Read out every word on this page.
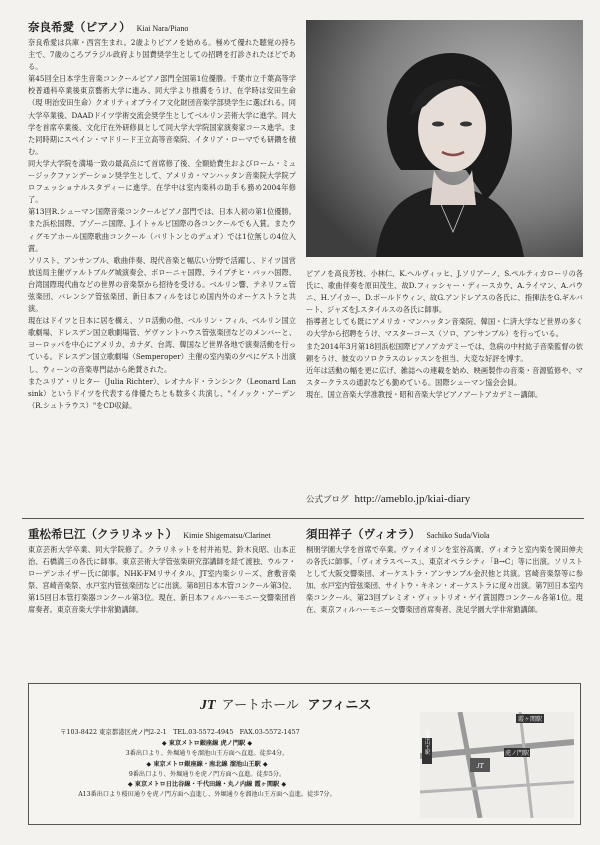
奈良希愛（ピアノ） Kiai Nara/Piano

奈良希愛は兵庫・西宮生まれ。2歳よりピアノを始める。極めて優れた聴覚の持ち主で、7歳のころブラジル政府より国費奨学生としての招聘を打診されたほどである。

第45回全日本学生音楽コンクールピアノ部門全国第1位優勝。千葉市立千葉高等学校普通科卒業後東京藝術大学に進み、同大学より推薦をうけ、在学時は安田生命（現 明治安田生命）クオリティオブライフ文化財団音楽学部奨学生に選ばれる。同大学卒業後、DAADドイツ学術交流会奨学生としてベルリン芸術大学に進学。同大学を首席卒業後、文化庁在外研修員として同大学大学院国家演奏家コース進学。また同時期にスペイン・マドリード王立高等音楽院、イタリア・ローマでも研鑽を積む。

同大学大学院を満場一致の最高点にて首席修了後、全額給費生およびローム・ミュージックファンデーション奨学生として、アメリカ・マンハッタン音楽院大学院プロフェッショナルスタディーに進学。在学中は室内楽科の助手も務め2004年修了。

第13回R.シューマン国際音楽コンクールピアノ部門では、日本人初の第1位優勝。また浜松国際、ブゾーニ国際、J.イトゥルビ国際の各コンクールでも入賞。またウィグモアホール国際歌曲コンクール（バリトンとのデュオ）では1位無しの4位入賞。

ソリスト、アンサンブル、歌曲伴奏、現代音楽と幅広い分野で活躍し、ドイツ国営放送局主催ヴァルトブルグ城演奏会、ボローニャ国際、ライプチヒ・バッハ国際、台湾国際現代曲などの世界の音楽祭から招待を受ける。ベルリン響、テネリフェ管弦楽団、バレンシア管弦楽団、新日本フィルをはじめ国内外のオーケストラと共演。

現在はドイツと日本に居を構え、ソロ活動の他、ベルリン・フィル、ベルリン国立歌劇場、ドレスデン国立歌劇場管、ゲヴァントハウス管弦楽団などのメンバーと、ヨーロッパを中心にアメリカ、カナダ、台湾、韓国など世界各地で演奏活動を行っている。ドレスデン国立歌劇場（Semperoper）主催の室内楽の夕べにゲスト出演し、ウィーンの音楽専門誌から絶賛された。

またユリア・リヒター（Julia Richter）、レオナルド・ランシンク（Leonard Lansink）というドイツを代表する俳優たちとも数多く共演し、"イノック・アーデン（R.シュトラウス）"をCD収録。

ピアノを高良芳枝、小林仁、K.ヘルヴィッヒ、J.ソリアーノ、S.ペルティカローリの各氏に、歌曲伴奏を原田茂生、故D.フィッシャー・ディースカウ、A.ライマン、A.パウニ、H.ゾイカー、D.ボールドウィン、故G.アンドレアスの各氏に、指揮法をG.ギルバート、ジャズをJ.スタイルスの各氏に師事。

指導者としても既にアメリカ・マンハッタン音楽院、韓国・仁済大学など世界の多くの大学から招聘をうけ、マスターコース（ソロ、アンサンブル）を行っている。

また2014年3月第18回浜松国際ピアノアカデミーでは、急病の中村紘子音楽監督の依頼をうけ、彼女のソロクラスのレッスンを担当、大変な好評を博す。

近年は活動の幅を更に広げ、雑誌への連載を始め、映画製作の音楽・音源監修や、マスタークラスの通訳なども勤めている。国際シューマン協会会員。

現在、国立音楽大学准教授・昭和音楽大学ピアノアートアカデミー講師。

公式ブログ http://ameblo.jp/kiai-diary
重松希巳江（クラリネット） Kimie Shigematsu/Clarinet

東京芸術大学卒業、同大学院修了。クラリネットを村井祐児、鈴木良昭、山本正治、石橋満三の各氏に師事。東京芸術大学管弦楽研究部講師を経て渡独、ウルフ・ローデンホイザー氏に師事。NHK-FMリサイタル、JT室内楽シリーズ、倉敷音楽祭、宮崎音楽祭、水戸室内管弦楽団などに出演。第8回日本木管コンクール第3位、第15回日本管打楽器コンクール第3位。現在、新日本フィルハーモニー交響楽団首席奏者。東京音楽大学非常勤講師。

須田祥子（ヴィオラ） Sachiko Suda/Viola

桐朋学園大学を首席で卒業。ヴァイオリンを室谷高廣、ヴィオラと室内楽を岡田伸夫の各氏に師事。「ヴィオラスペース」、東京オペラシティ「B→C」等に出演。ソリストとして大阪交響楽団、オーケストラ・アンサンブル金沢他と共演。宮崎音楽祭等に参加、水戸室内管弦楽団、サイトウ・キネン・オーケストラに度々出演。第7回日本室内楽コンクール、第23回プレミオ・ヴィットリオ・ゲイ賞国際コンクール各第1位。現在、東京フィルハーモニー交響楽団首席奏者、洗足学園大学非常勤講師。

JT アートホール アフィニス
〒103-8422 東京都港区虎ノ門2-2-1　TEL.03-5572-4945　FAX.03-5572-1457
◆ 東京メトロ銀座線 虎ノ門駅 ◆
3番出口より、外堀通りを溜池山王方面へ直進。徒歩4分。
◆ 東京メトロ銀座線・南北線 溜池山王駅 ◆
9番出口より、外堀通りを虎ノ門方面へ直進。徒歩5分。
◆ 東京メトロ日比谷線・千代田線・丸ノ内線 霞ヶ関駅 ◆
A13番出口より桜田通りを虎ノ門方面へ直進し、外堀通りを溜池山王方面へ直進。徒歩7分。
JT
霞ヶ関駅
溜池山王駅	虎ノ門駅
